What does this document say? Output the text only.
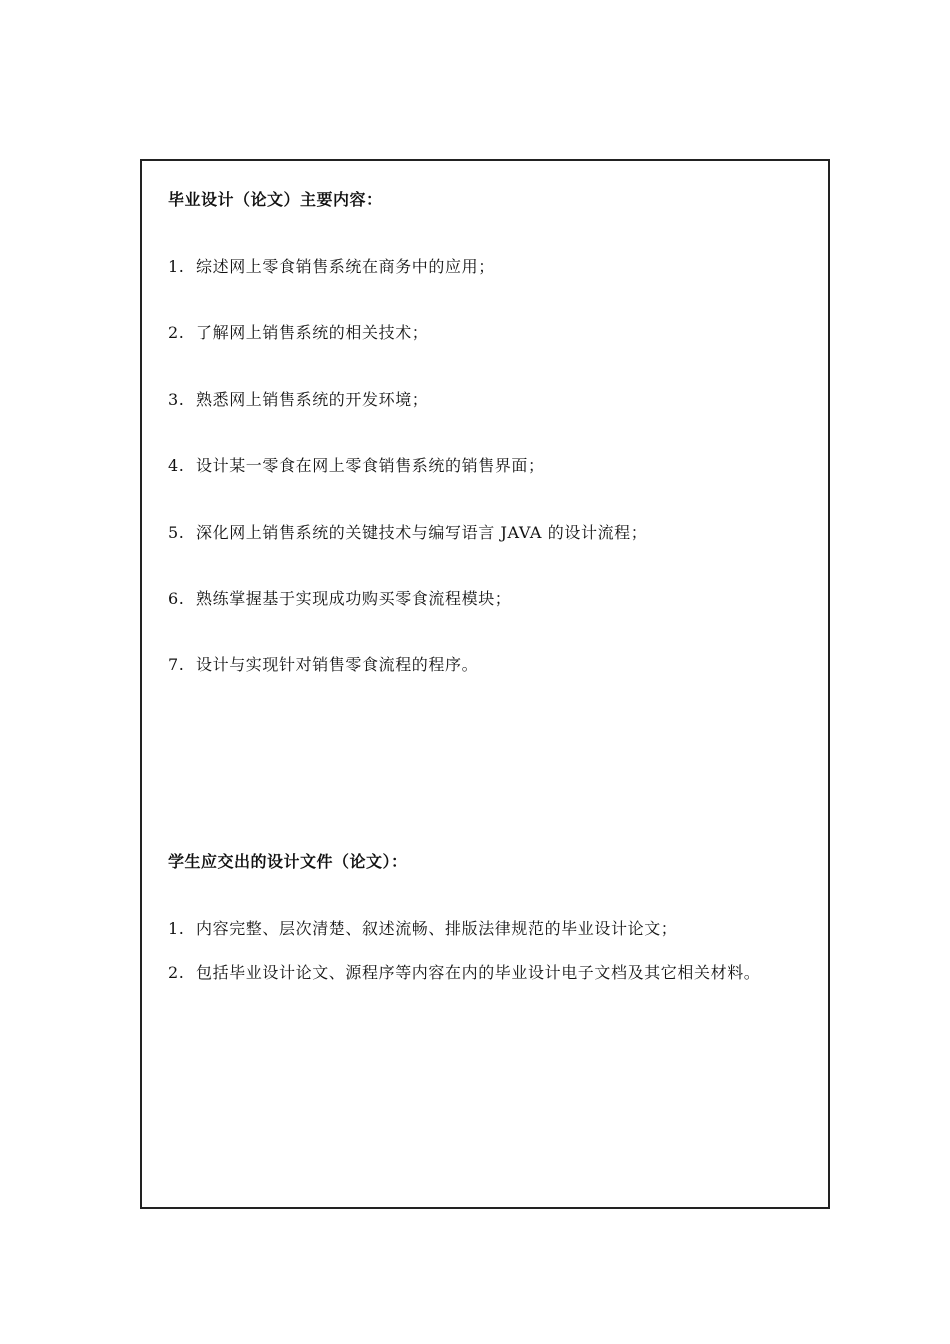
毕业设计（论文）主要内容：
1. 综述网上零食销售系统在商务中的应用；
2. 了解网上销售系统的相关技术；
3. 熟悉网上销售系统的开发环境；
4. 设计某一零食在网上零食销售系统的销售界面；
5. 深化网上销售系统的关键技术与编写语言 JAVA 的设计流程；
6. 熟练掌握基于实现成功购买零食流程模块；
7. 设计与实现针对销售零食流程的程序。
学生应交出的设计文件（论文）：
1. 内容完整、层次清楚、叙述流畅、排版法律规范的毕业设计论文；
2. 包括毕业设计论文、源程序等内容在内的毕业设计电子文档及其它相关材料。
